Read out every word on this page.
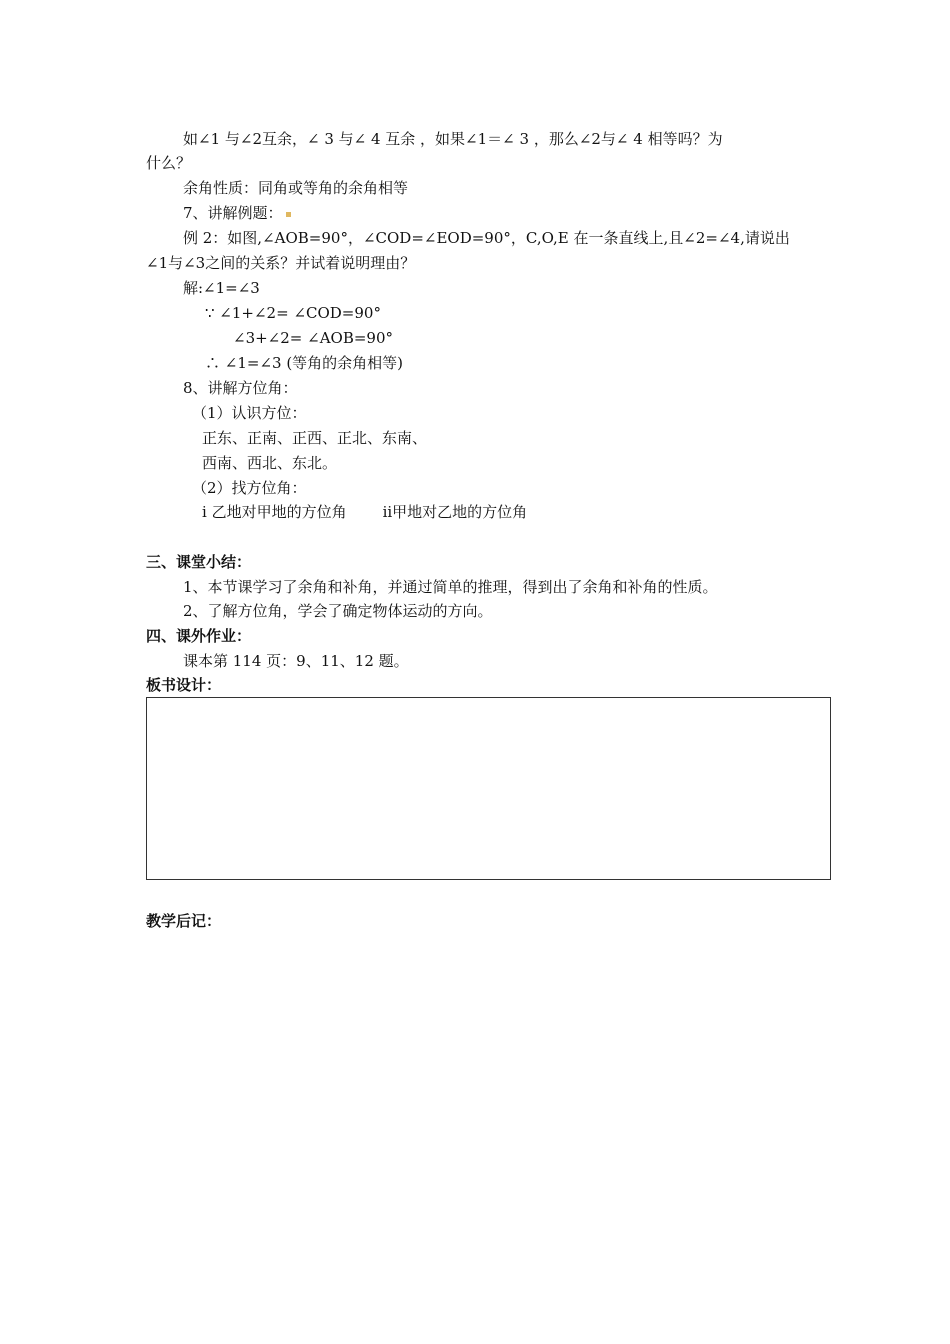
如∠1 与∠2互余，∠ 3 与∠ 4 互余 ，如果∠1＝∠ 3 ，那么∠2与∠ 4 相等吗？为
什么？
余角性质：同角或等角的余角相等
7、讲解例题：
例 2：如图,∠AOB=90°，∠COD=∠EOD=90°，C,O,E 在一条直线上,且∠2=∠4,请说出
∠1与∠3之间的关系？并试着说明理由？
解:∠1=∠3
∵ ∠1+∠2= ∠COD=90°
∠3+∠2= ∠AOB=90°
∴ ∠1=∠3 (等角的余角相等)
8、讲解方位角：
（1）认识方位：
正东、正南、正西、正北、东南、
西南、西北、东北。
（2）找方位角：
i 乙地对甲地的方位角 ii甲地对乙地的方位角
三、课堂小结：
1、本节课学习了余角和补角，并通过简单的推理，得到出了余角和补角的性质。
2、了解方位角，学会了确定物体运动的方向。
四、课外作业：
课本第 114 页：9、11、12 题。
板书设计：
教学后记：
